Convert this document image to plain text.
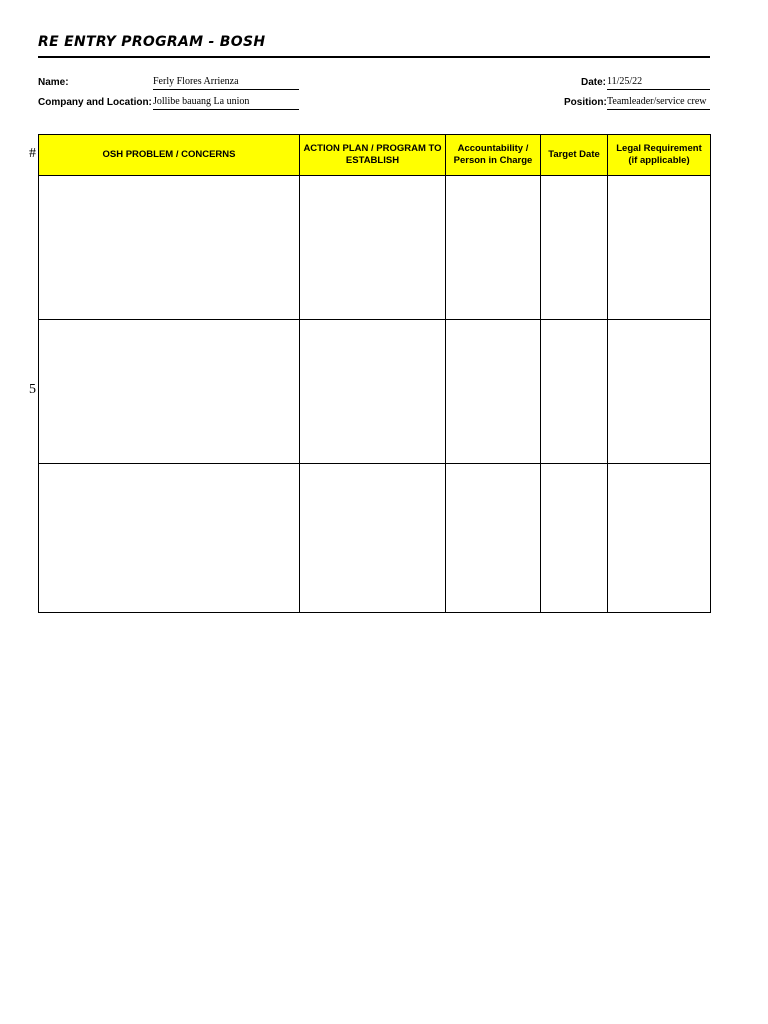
RE ENTRY PROGRAM - BOSH
Name:	Ferly Flores Arrienza
Company and Location: Jollibe bauang La union
Date: 11/25/22
Position: Teamleader/service crew
#
5
OSH PROBLEM / CONCERNS	ACTION PLAN / PROGRAM TO ESTABLISH	Accountability / Person in Charge	Target Date	Legal Requirement (if applicable)
